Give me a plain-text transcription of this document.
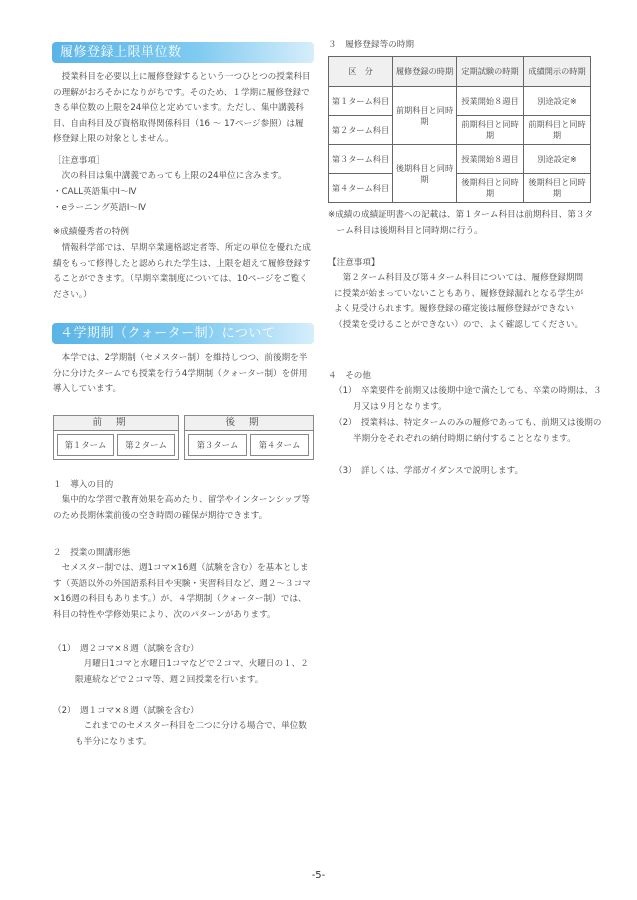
履修登録上限単位数
授業科目を必要以上に履修登録するという一つひとつの授業科目の理解がおろそかになりがちです。そのため、１学期に履修登録できる単位数の上限を24単位と定めています。ただし、集中講義科目、自由科目及び資格取得関係科目（16 ～ 17ページ参照）は履修登録上限の対象としません。
［注意事項］
次の科目は集中講義であっても上限の24単位に含みます。
・CALL英語集中Ⅰ～Ⅳ
・eラーニング英語Ⅰ～Ⅳ
※成績優秀者の特例
情報科学部では、早期卒業適格認定者等、所定の単位を優れた成績をもって修得したと認められた学生は、上限を超えて履修登録することができます。（早期卒業制度については、10ページをご覧ください。）
４学期制（クォーター制）について
本学では、2学期制（セメスター制）を維持しつつ、前後期を半分に分けたタームでも授業を行う4学期制（クォーター制）を併用導入しています。
前期	後期
第１ターム	第２ターム	第３ターム	第４ターム
１　導入の目的
集中的な学習で教育効果を高めたり、留学やインターンシップ等のため長期休業前後の空き時間の確保が期待できます。
２　授業の開講形態
セメスター制では、週1コマ×16週（試験を含む）を基本とします（英語以外の外国語系科目や実験・実習科目など、週２～３コマ×16週の科目もあります。）が、４学期制（クォーター制）では、科目の特性や学修効果により、次のパターンがあります。
（1）　週２コマ×８週（試験を含む）
月曜日1コマと水曜日1コマなどで２コマ、火曜日の１、２限連続などで２コマ等、週２回授業を行います。
（2）　週１コマ×８週（試験を含む）
これまでのセメスター科目を二つに分ける場合で、単位数も半分になります。
３　履修登録等の時期
区　分	履修登録の時期	定期試験の時期	成績開示の時期
第１ターム科目	前期科目と同時期	授業開始８週目	別途設定※
第２ターム科目		前期科目と同時期	前期科目と同時期
第３ターム科目	後期科目と同時期	授業開始８週目	別途設定※
第４ターム科目		後期科目と同時期	後期科目と同時期
※成績の成績証明書への記載は、第１ターム科目は前期科目、第３ターム科目は後期科目と同時期に行う。
【注意事項】
第２ターム科目及び第４ターム科目については、履修登録期間に授業が始まっていないこともあり、履修登録漏れとなる学生がよく見受けられます。履修登録の確定後は履修登録ができない（授業を受けることができない）ので、よく確認してください。
４　その他
（1）　卒業要件を前期又は後期中途で満たしても、卒業の時期は、３月又は９月となります。
（2）　授業料は、特定タームのみの履修であっても、前期又は後期の半期分をそれぞれの納付時期に納付することとなります。
（3）　詳しくは、学部ガイダンスで説明します。
-5-
